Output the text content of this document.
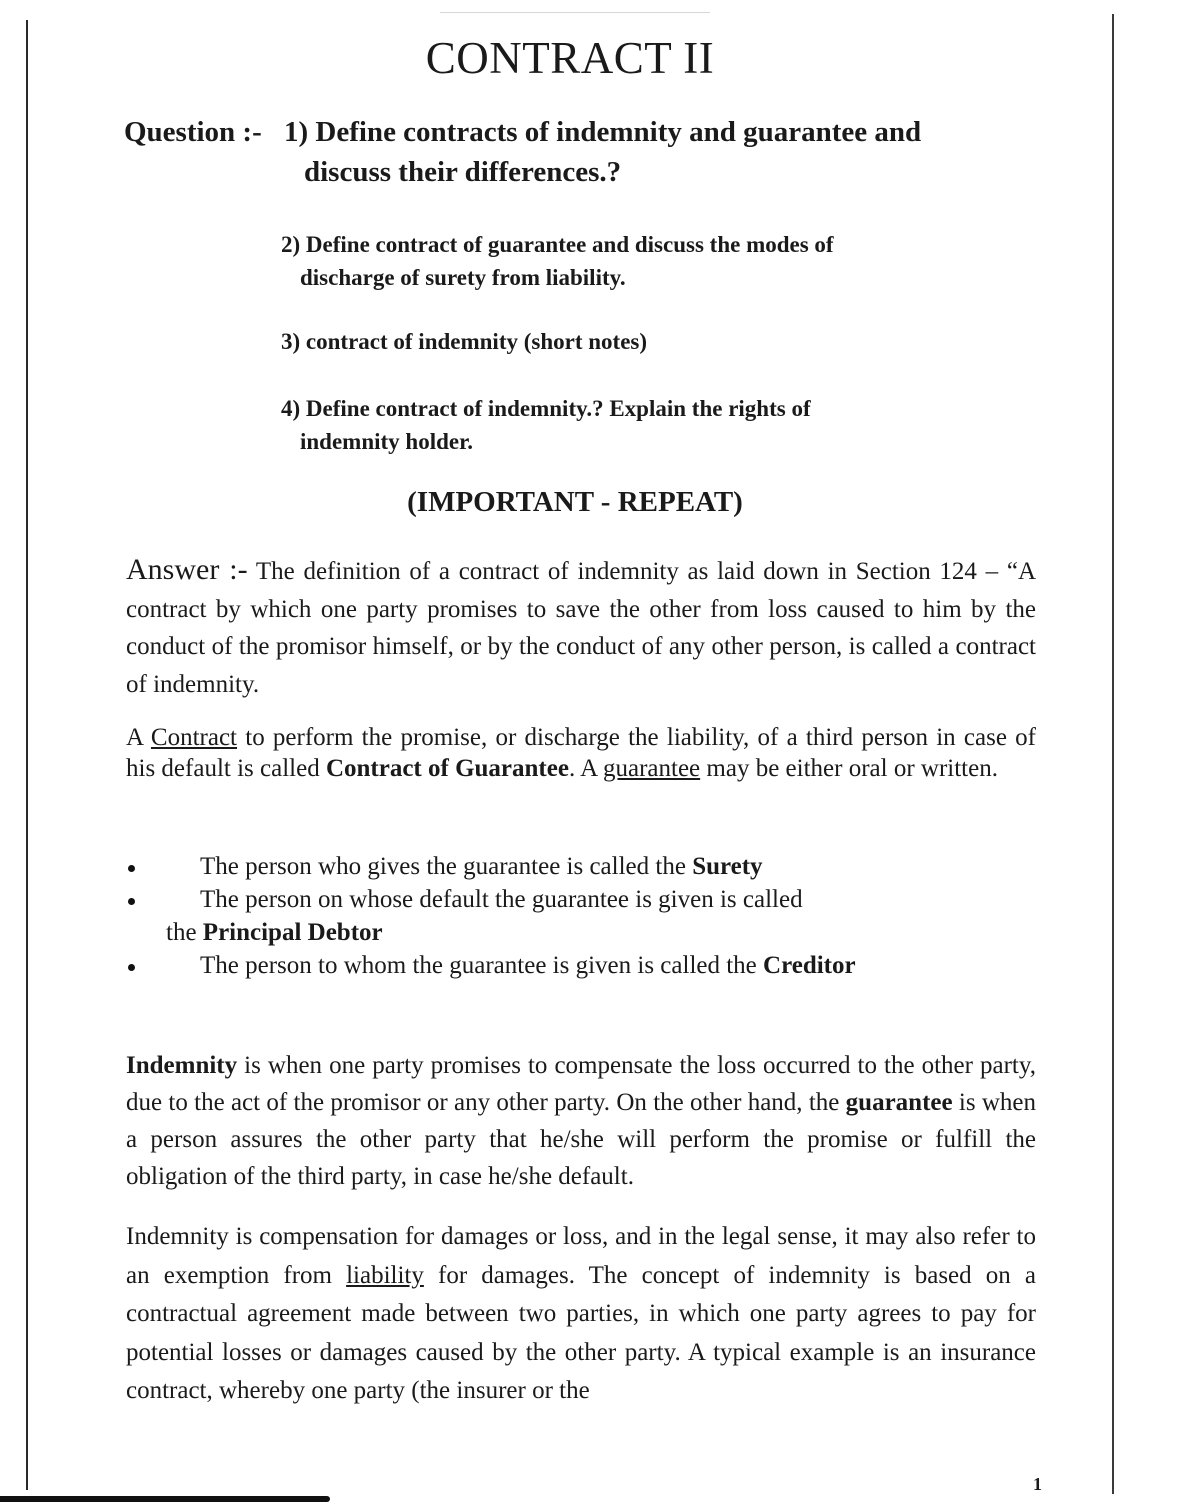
CONTRACT II
Question :- 1) Define contracts of indemnity and guarantee and
discuss their differences.?
2) Define contract of guarantee and discuss the modes of
discharge of surety from liability.
3) contract of indemnity (short notes)
4) Define contract of indemnity.? Explain the rights of
indemnity holder.
(IMPORTANT - REPEAT)

Answer :- The definition of a contract of indemnity as laid down in Section 124 – “A contract by which one party promises to save the other from loss caused to him by the conduct of the promisor himself, or by the conduct of any other person, is called a contract of indemnity.

A Contract to perform the promise, or discharge the liability, of a third person in case of his default is called Contract of Guarantee. A guarantee may be either oral or written.

The person who gives the guarantee is called the Surety
The person on whose default the guarantee is given is called
the Principal Debtor
The person to whom the guarantee is given is called the Creditor

Indemnity is when one party promises to compensate the loss occurred to the other party, due to the act of the promisor or any other party. On the other hand, the guarantee is when a person assures the other party that he/she will perform the promise or fulfill the obligation of the third party, in case he/she default.

Indemnity is compensation for damages or loss, and in the legal sense, it may also refer to an exemption from liability for damages. The concept of indemnity is based on a contractual agreement made between two parties, in which one party agrees to pay for potential losses or damages caused by the other party. A typical example is an insurance contract, whereby one party (the insurer or the

1
